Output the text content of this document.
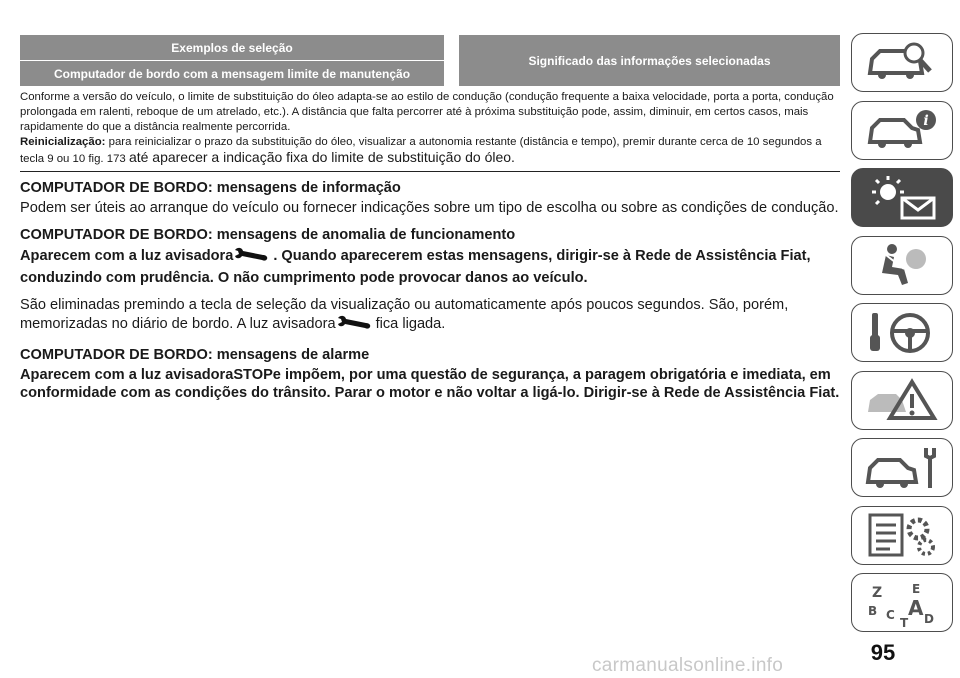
Exemplos de seleção
Computador de bordo com a mensagem limite de manutenção
Significado das informações selecionadas

Conforme a versão do veículo, o limite de substituição do óleo adapta-se ao estilo de condução (condução frequente a baixa velocidade, porta a porta, condução prolongada em ralenti, reboque de um atrelado, etc.). A distância que falta percorrer até à próxima substituição pode, assim, diminuir, em certos casos, mais rapidamente do que a distância realmente percorrida.

Reinicialização: para reinicializar o prazo da substituição do óleo, visualizar a autonomia restante (distância e tempo), premir durante cerca de 10 segundos a tecla 9 ou 10 fig. 173 até aparecer a indicação fixa do limite de substituição do óleo.

COMPUTADOR DE BORDO: mensagens de informação

Podem ser úteis ao arranque do veículo ou fornecer indicações sobre um tipo de escolha ou sobre as condições de condução.

COMPUTADOR DE BORDO: mensagens de anomalia de funcionamento

Aparecem com a luz avisadora	. Quando aparecerem estas mensagens, dirigir-se à Rede de Assistência Fiat, conduzindo com prudência. O não cumprimento pode provocar danos ao veículo.

São eliminadas premindo a tecla de seleção da visualização ou automaticamente após poucos segundos. São, porém, memorizadas no diário de bordo. A luz avisadora	fica ligada.

COMPUTADOR DE BORDO: mensagens de alarme

Aparecem com a luz avisadoraSTOPe impõem, por uma questão de segurança, a paragem obrigatória e imediata, em conformidade com as condições do trânsito. Parar o motor e não voltar a ligá-lo. Dirigir-se à Rede de Assistência Fiat.

i
Z E
B C A D
T
95
carmanualsonline.info
